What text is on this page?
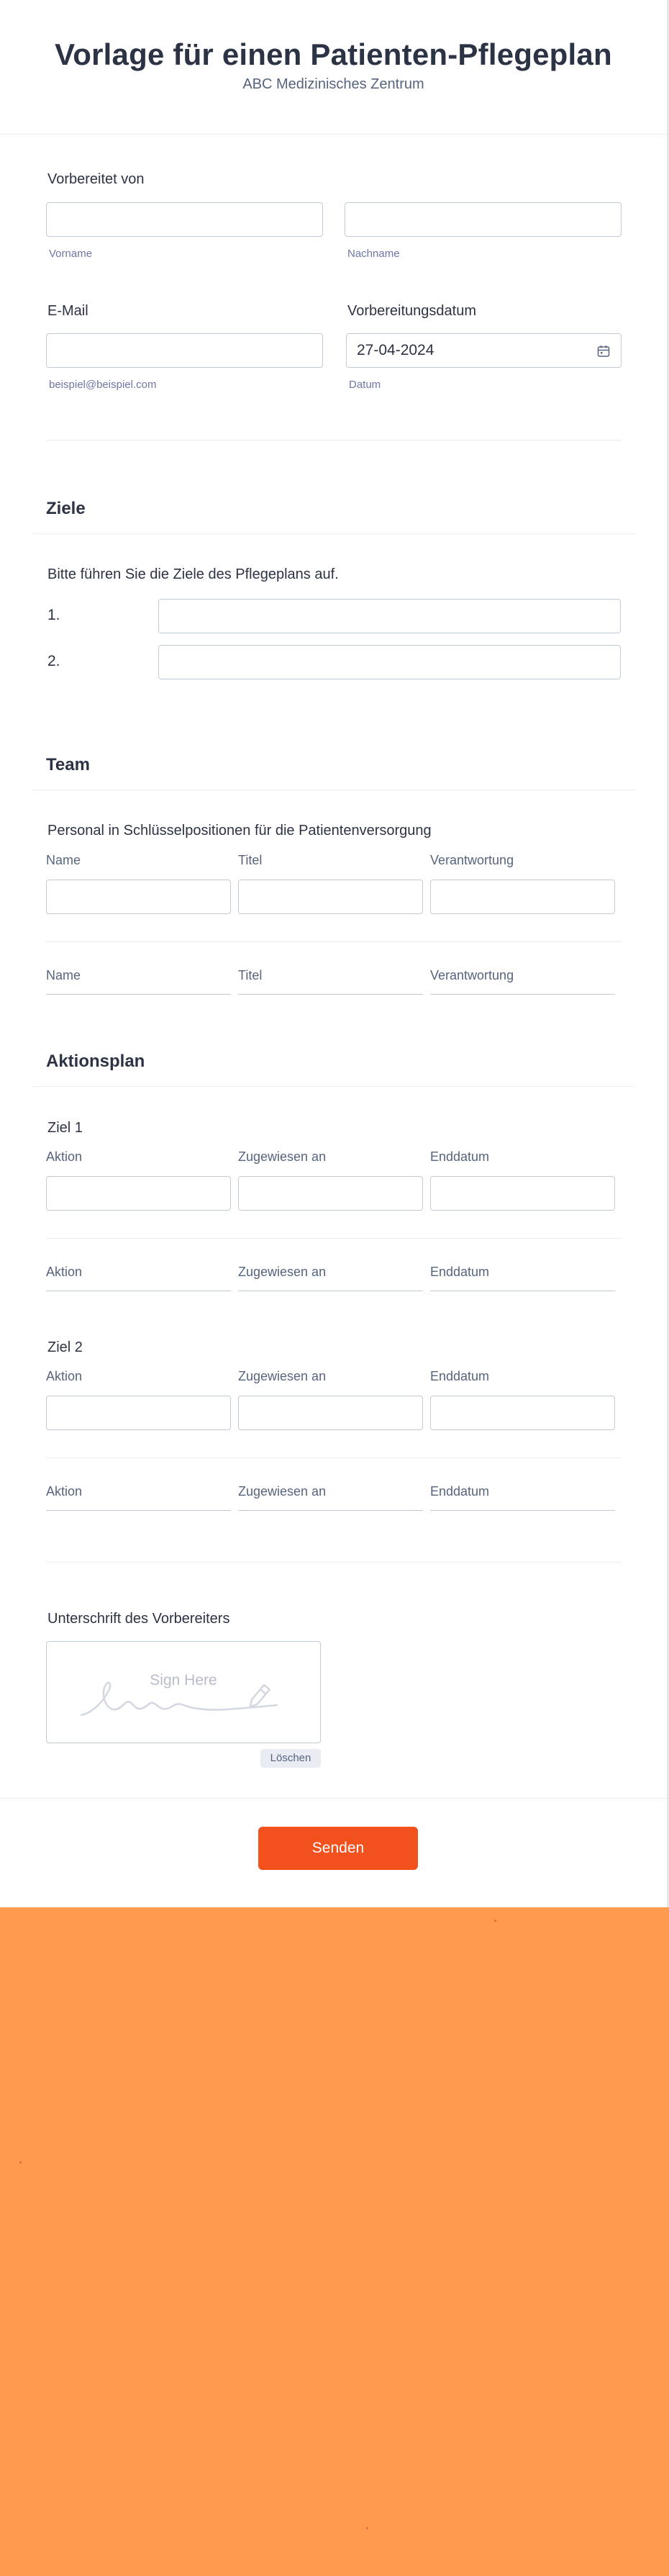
Vorlage für einen Patienten-Pflegeplan
ABC Medizinisches Zentrum
Vorbereitet von
Vorname	Nachname
E-Mail
beispiel@beispiel.com
Vorbereitungsdatum
27-04-2024
Datum
Ziele
Bitte führen Sie die Ziele des Pflegeplans auf.
1.
2.
Team
Personal in Schlüsselpositionen für die Patientenversorgung
Name	Titel	Verantwortung
Name	Titel	Verantwortung
Aktionsplan
Ziel 1
Aktion	Zugewiesen an	Enddatum
Aktion	Zugewiesen an	Enddatum
Ziel 2
Aktion	Zugewiesen an	Enddatum
Aktion	Zugewiesen an	Enddatum
Unterschrift des Vorbereiters
Sign Here
Löschen
Senden
